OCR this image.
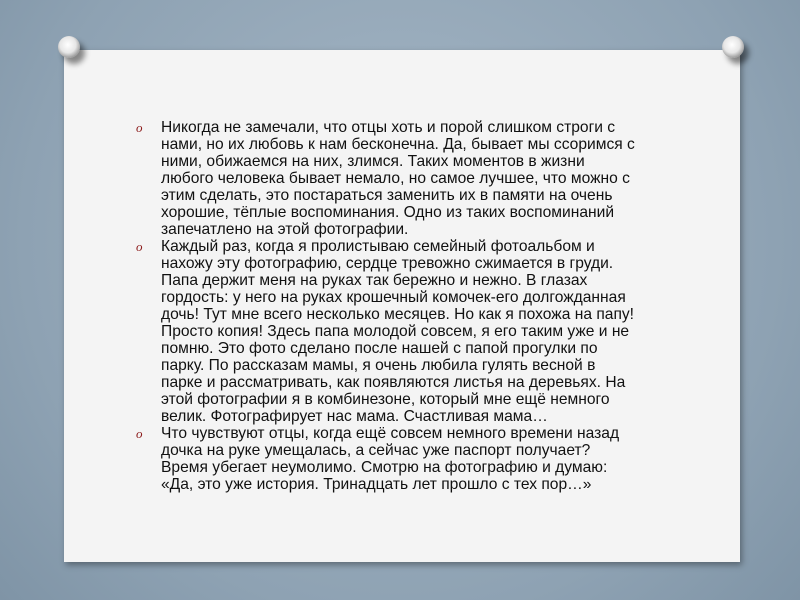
o Никогда не замечали, что отцы хоть и порой слишком строги с
нами, но их любовь к нам бесконечна. Да, бывает мы ссоримся с
ними, обижаемся на них, злимся. Таких моментов в жизни
любого человека бывает немало, но самое лучшее, что можно с
этим сделать, это постараться заменить их в памяти на очень
хорошие, тёплые воспоминания. Одно из таких воспоминаний
запечатлено на этой фотографии.
o Каждый раз, когда я пролистываю семейный фотоальбом и
нахожу эту фотографию, сердце тревожно сжимается в груди.
Папа держит меня на руках так бережно и нежно. В глазах
гордость: у него на руках крошечный комочек-его долгожданная
дочь! Тут мне всего несколько месяцев. Но как я похожа на папу!
Просто копия! Здесь папа молодой совсем, я его таким уже и не
помню. Это фото сделано после нашей с папой прогулки по
парку. По рассказам мамы, я очень любила гулять весной в
парке и рассматривать, как появляются листья на деревьях. На
этой фотографии я в комбинезоне, который мне ещё немного
велик. Фотографирует нас мама. Счастливая мама…
o Что чувствуют отцы, когда ещё совсем немного времени назад
дочка на руке умещалась, а сейчас уже паспорт получает?
Время убегает неумолимо. Смотрю на фотографию и думаю:
«Да, это уже история. Тринадцать лет прошло с тех пор…»
